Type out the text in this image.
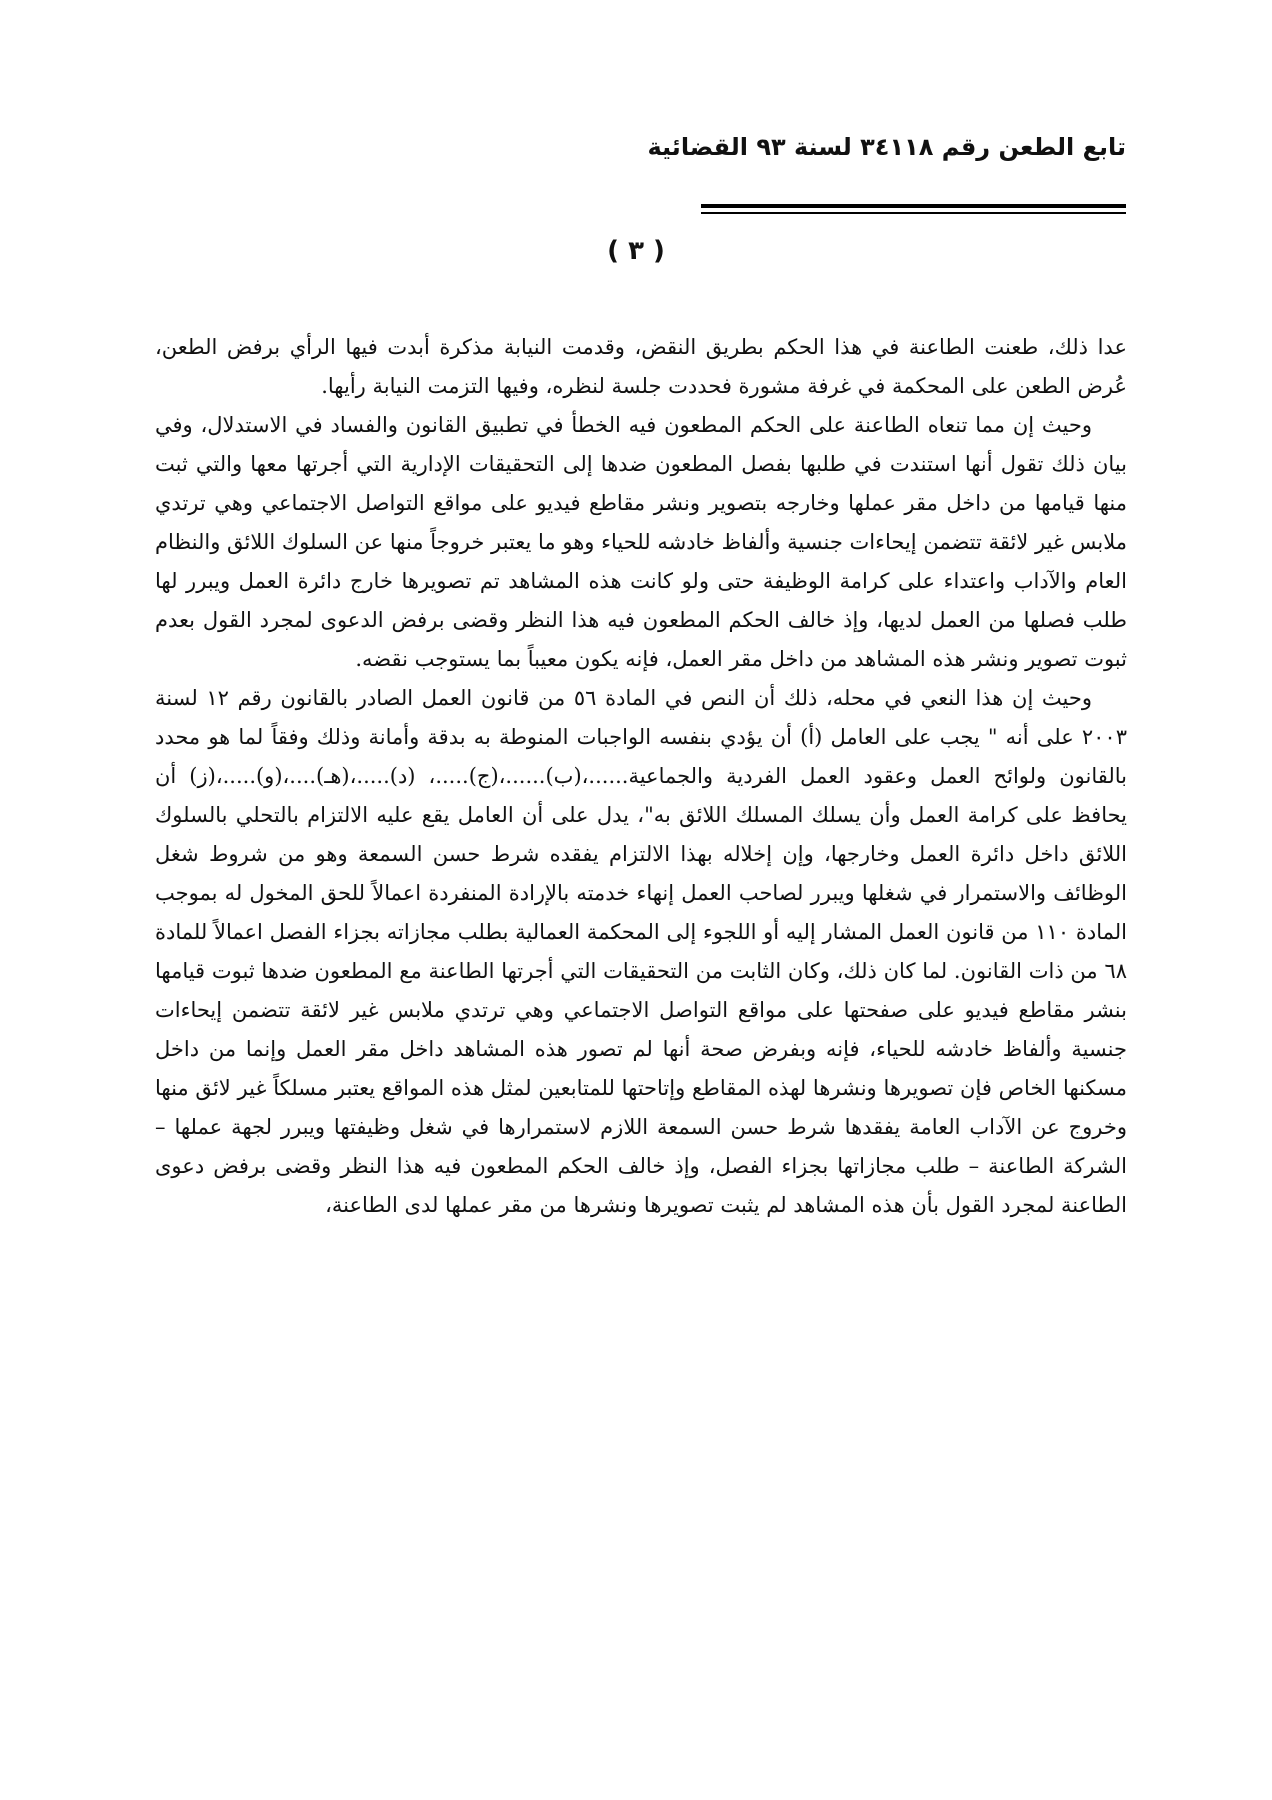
تابع الطعن رقم ٣٤١١٨ لسنة ٩٣ القضائية
( ٣ )

عدا ذلك، طعنت الطاعنة في هذا الحكم بطريق النقض، وقدمت النيابة مذكرة أبدت فيها الرأي برفض الطعن، عُرض الطعن على المحكمة في غرفة مشورة فحددت جلسة لنظره، وفيها التزمت النيابة رأيها.

وحيث إن مما تنعاه الطاعنة على الحكم المطعون فيه الخطأ في تطبيق القانون والفساد في الاستدلال، وفي بيان ذلك تقول أنها استندت في طلبها بفصل المطعون ضدها إلى التحقيقات الإدارية التي أجرتها معها والتي ثبت منها قيامها من داخل مقر عملها وخارجه بتصوير ونشر مقاطع فيديو على مواقع التواصل الاجتماعي وهي ترتدي ملابس غير لائقة تتضمن إيحاءات جنسية وألفاظ خادشه للحياء وهو ما يعتبر خروجاً منها عن السلوك اللائق والنظام العام والآداب واعتداء على كرامة الوظيفة حتى ولو كانت هذه المشاهد تم تصويرها خارج دائرة العمل ويبرر لها طلب فصلها من العمل لديها، وإذ خالف الحكم المطعون فيه هذا النظر وقضى برفض الدعوى لمجرد القول بعدم ثبوت تصوير ونشر هذه المشاهد من داخل مقر العمل، فإنه يكون معيباً بما يستوجب نقضه.

وحيث إن هذا النعي في محله، ذلك أن النص في المادة ٥٦ من قانون العمل الصادر بالقانون رقم ١٢ لسنة ٢٠٠٣ على أنه " يجب على العامل (أ) أن يؤدي بنفسه الواجبات المنوطة به بدقة وأمانة وذلك وفقاً لما هو محدد بالقانون ولوائح العمل وعقود العمل الفردية والجماعية......،(ب)......،(ج).....، (د).....،(هـ)....،(و).....،(ز) أن يحافظ على كرامة العمل وأن يسلك المسلك اللائق به"، يدل على أن العامل يقع عليه الالتزام بالتحلي بالسلوك اللائق داخل دائرة العمل وخارجها، وإن إخلاله بهذا الالتزام يفقده شرط حسن السمعة وهو من شروط شغل الوظائف والاستمرار في شغلها ويبرر لصاحب العمل إنهاء خدمته بالإرادة المنفردة اعمالاً للحق المخول له بموجب المادة ١١٠ من قانون العمل المشار إليه أو اللجوء إلى المحكمة العمالية بطلب مجازاته بجزاء الفصل اعمالاً للمادة ٦٨ من ذات القانون. لما كان ذلك، وكان الثابت من التحقيقات التي أجرتها الطاعنة مع المطعون ضدها ثبوت قيامها بنشر مقاطع فيديو على صفحتها على مواقع التواصل الاجتماعي وهي ترتدي ملابس غير لائقة تتضمن إيحاءات جنسية وألفاظ خادشه للحياء، فإنه وبفرض صحة أنها لم تصور هذه المشاهد داخل مقر العمل وإنما من داخل مسكنها الخاص فإن تصويرها ونشرها لهذه المقاطع وإتاحتها للمتابعين لمثل هذه المواقع يعتبر مسلكاً غير لائق منها وخروج عن الآداب العامة يفقدها شرط حسن السمعة اللازم لاستمرارها في شغل وظيفتها ويبرر لجهة عملها – الشركة الطاعنة – طلب مجازاتها بجزاء الفصل، وإذ خالف الحكم المطعون فيه هذا النظر وقضى برفض دعوى الطاعنة لمجرد القول بأن هذه المشاهد لم يثبت تصويرها ونشرها من مقر عملها لدى الطاعنة،
